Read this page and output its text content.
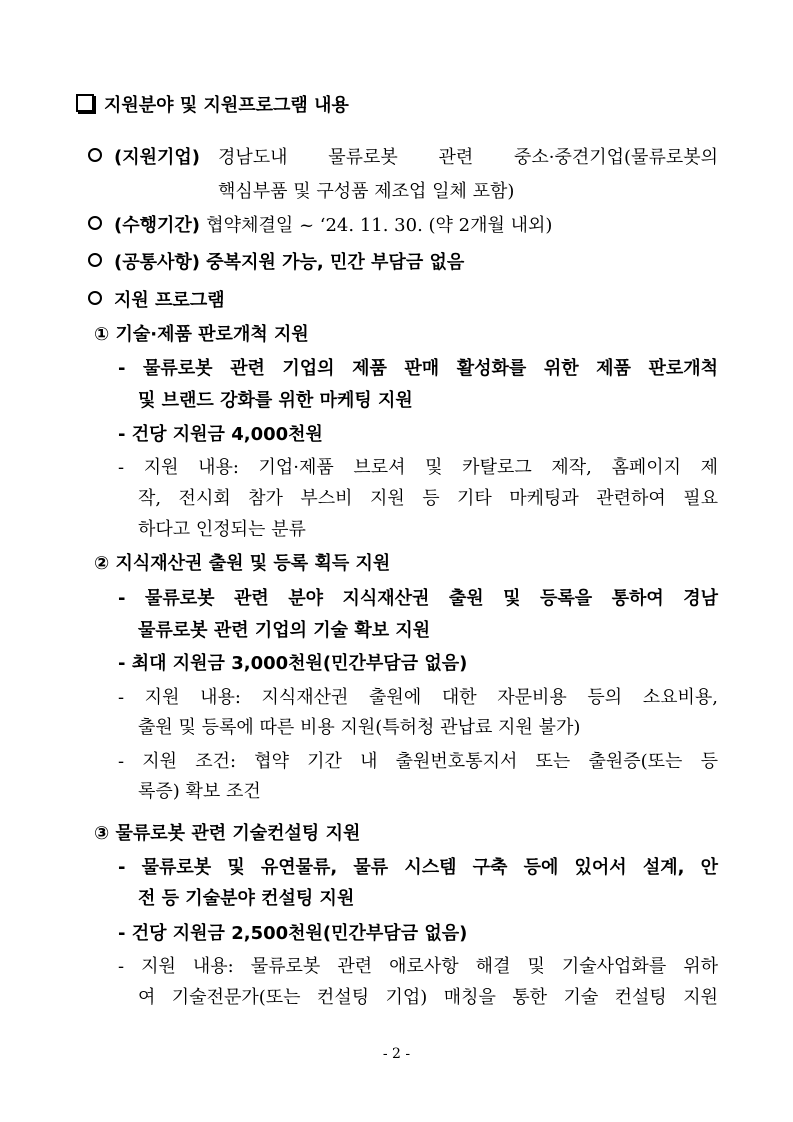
지원분야 및 지원프로그램 내용
(지원기업) 경남도내 물류로봇 관련 중소·중견기업(물류로봇의
핵심부품 및 구성품 제조업 일체 포함)
(수행기간) 협약체결일 ~ ‘24. 11. 30. (약 2개월 내외)
(공통사항) 중복지원 가능, 민간 부담금 없음
지원 프로그램
① 기술·제품 판로개척 지원
- 물류로봇 관련 기업의 제품 판매 활성화를 위한 제품 판로개척
및 브랜드 강화를 위한 마케팅 지원
- 건당 지원금 4,000천원
- 지원 내용: 기업·제품 브로셔 및 카탈로그 제작, 홈페이지 제
작, 전시회 참가 부스비 지원 등 기타 마케팅과 관련하여 필요
하다고 인정되는 분류
② 지식재산권 출원 및 등록 획득 지원
- 물류로봇 관련 분야 지식재산권 출원 및 등록을 통하여 경남
물류로봇 관련 기업의 기술 확보 지원
- 최대 지원금 3,000천원(민간부담금 없음)
- 지원 내용: 지식재산권 출원에 대한 자문비용 등의 소요비용,
출원 및 등록에 따른 비용 지원(특허청 관납료 지원 불가)
- 지원 조건: 협약 기간 내 출원번호통지서 또는 출원증(또는 등
록증) 확보 조건
③ 물류로봇 관련 기술컨설팅 지원
- 물류로봇 및 유연물류, 물류 시스템 구축 등에 있어서 설계, 안
전 등 기술분야 컨설팅 지원
- 건당 지원금 2,500천원(민간부담금 없음)
- 지원 내용: 물류로봇 관련 애로사항 해결 및 기술사업화를 위하
여 기술전문가(또는 컨설팅 기업) 매칭을 통한 기술 컨설팅 지원
- 2 -
